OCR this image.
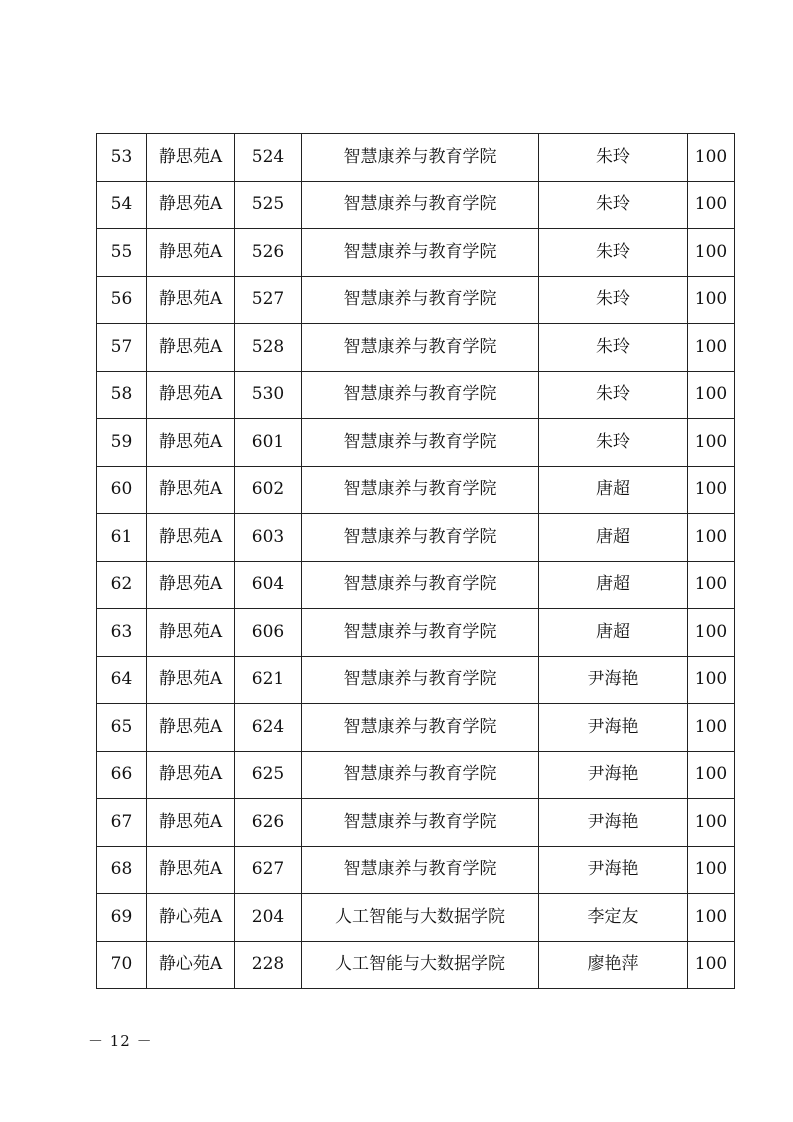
53	静思苑A	524	智慧康养与教育学院	朱玲	100
54	静思苑A	525	智慧康养与教育学院	朱玲	100
55	静思苑A	526	智慧康养与教育学院	朱玲	100
56	静思苑A	527	智慧康养与教育学院	朱玲	100
57	静思苑A	528	智慧康养与教育学院	朱玲	100
58	静思苑A	530	智慧康养与教育学院	朱玲	100
59	静思苑A	601	智慧康养与教育学院	朱玲	100
60	静思苑A	602	智慧康养与教育学院	唐超	100
61	静思苑A	603	智慧康养与教育学院	唐超	100
62	静思苑A	604	智慧康养与教育学院	唐超	100
63	静思苑A	606	智慧康养与教育学院	唐超	100
64	静思苑A	621	智慧康养与教育学院	尹海艳	100
65	静思苑A	624	智慧康养与教育学院	尹海艳	100
66	静思苑A	625	智慧康养与教育学院	尹海艳	100
67	静思苑A	626	智慧康养与教育学院	尹海艳	100
68	静思苑A	627	智慧康养与教育学院	尹海艳	100
69	静心苑A	204	人工智能与大数据学院	李定友	100
70	静心苑A	228	人工智能与大数据学院	廖艳萍	100
－ 12 －
